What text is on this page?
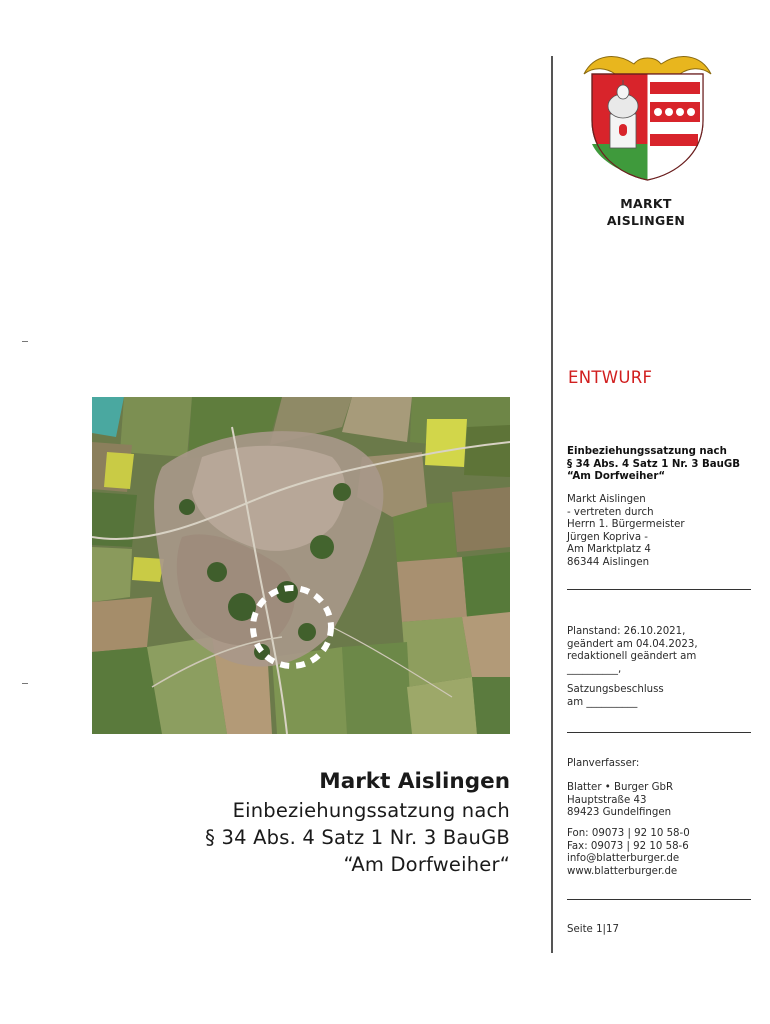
MARKT
AISLINGEN
ENTWURF
Einbeziehungssatzung nach
§ 34 Abs. 4 Satz 1 Nr. 3 BauGB
“Am Dorfweiher“
Markt Aislingen
- vertreten durch
Herrn 1. Bürgermeister
Jürgen Kopriva -
Am Marktplatz 4
86344 Aislingen
Planstand: 26.10.2021,
geändert am 04.04.2023,
redaktionell geändert am
__________,
Satzungsbeschluss
am __________
Planverfasser:
Blatter • Burger GbR
Hauptstraße 43
89423 Gundelfingen
Fon: 09073 | 92 10 58-0
Fax: 09073 | 92 10 58-6
info@blatterburger.de
www.blatterburger.de
Seite 1|17
Markt Aislingen
Einbeziehungssatzung nach
§ 34 Abs. 4 Satz 1 Nr. 3 BauGB
“Am Dorfweiher“
